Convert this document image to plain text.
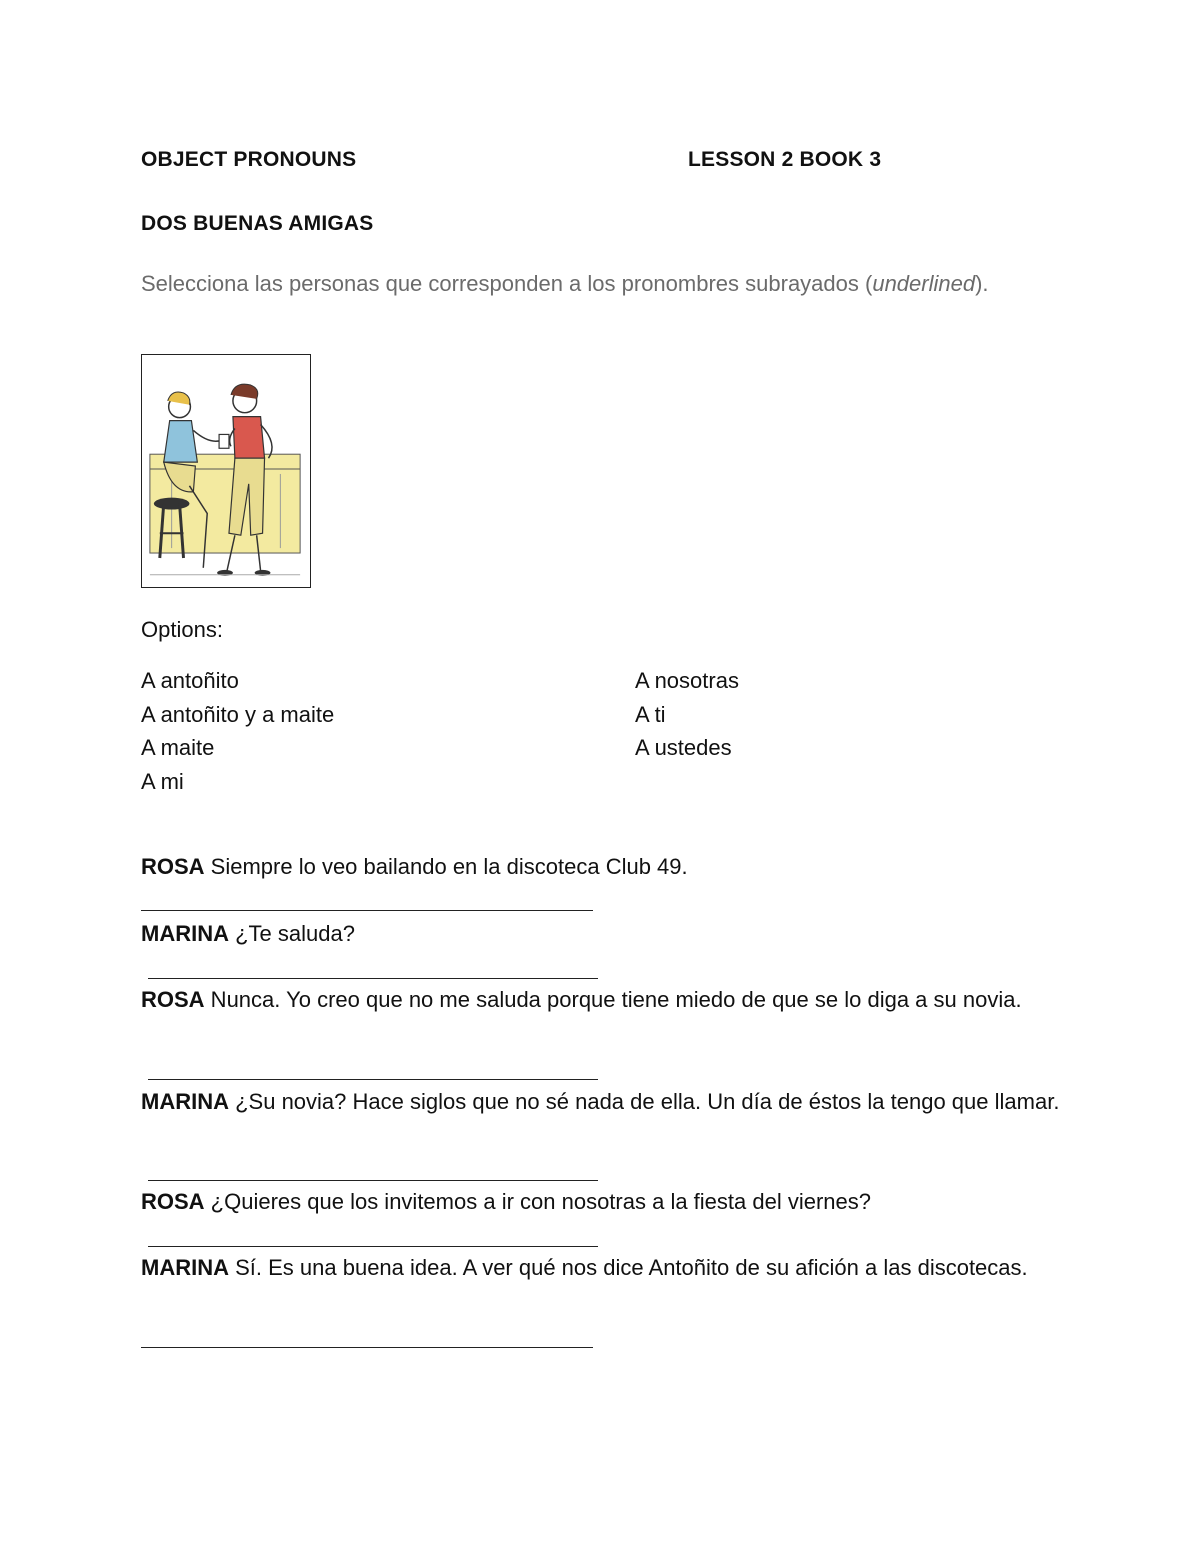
OBJECT PRONOUNS	LESSON 2 BOOK 3
DOS BUENAS AMIGAS
Selecciona las personas que corresponden a los pronombres subrayados (underlined).
Options:
A antoñito
A antoñito y a maite
A maite
A mi
A nosotras
A ti
A ustedes
ROSA Siempre lo veo bailando en la discoteca Club 49.
MARINA ¿Te saluda?
ROSA Nunca. Yo creo que no me saluda porque tiene miedo de que se lo diga a su novia.
MARINA ¿Su novia? Hace siglos que no sé nada de ella. Un día de éstos la tengo que llamar.
ROSA ¿Quieres que los invitemos a ir con nosotras a la fiesta del viernes?
MARINA Sí. Es una buena idea. A ver qué nos dice Antoñito de su afición a las discotecas.
